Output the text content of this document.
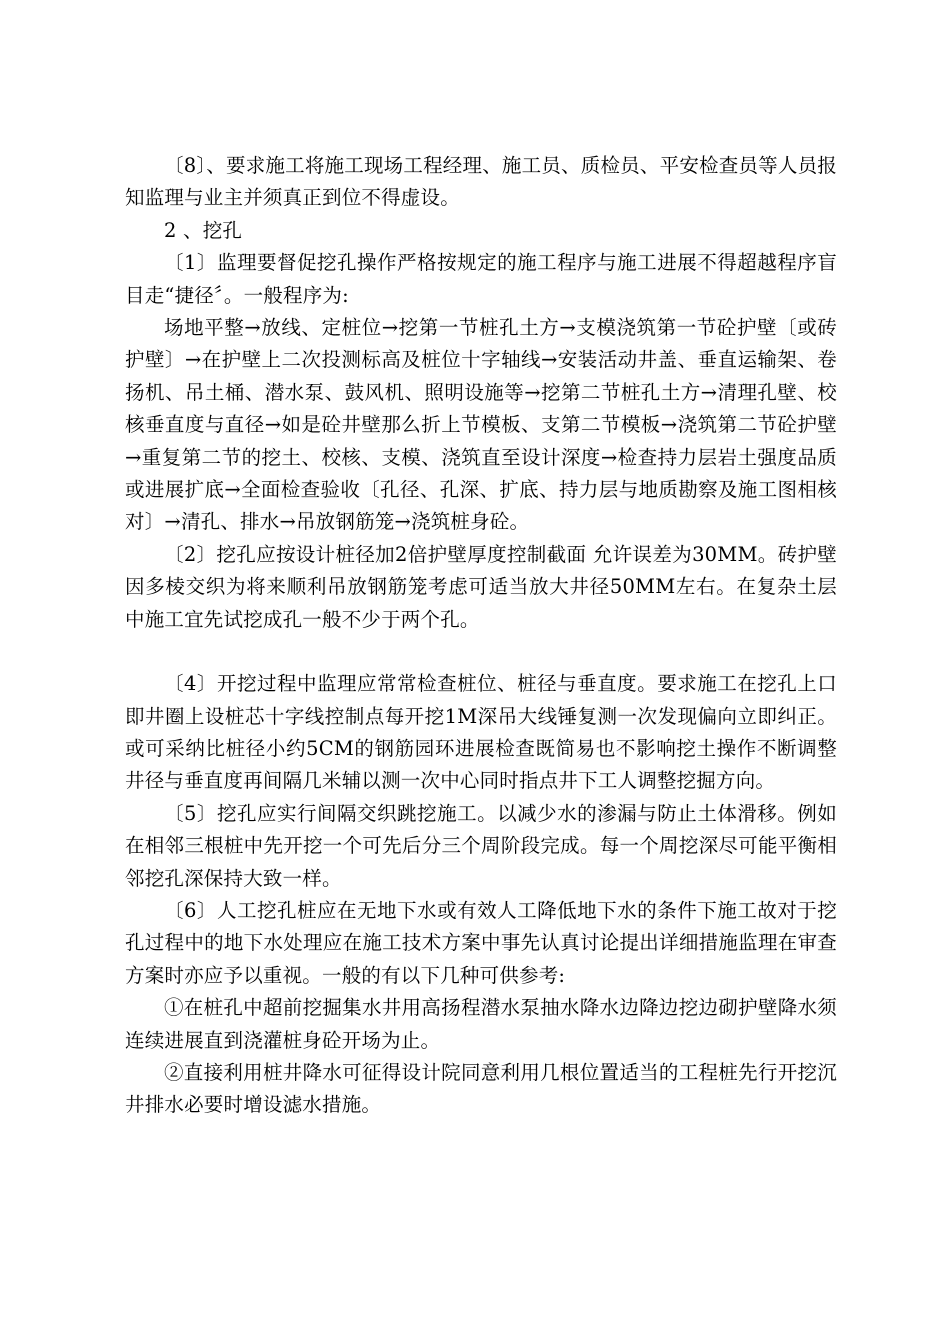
〔8〕、要求施工将施工现场工程经理、施工员、质检员、平安检查员等人员报知监理与业主并须真正到位不得虚设。

2 、挖孔

〔1〕监理要督促挖孔操作严格按规定的施工程序与施工进展不得超越程序盲目走“捷径〞。一般程序为:

场地平整→放线、定桩位→挖第一节桩孔土方→支模浇筑第一节砼护壁〔或砖护壁〕→在护壁上二次投测标高及桩位十字轴线→安装活动井盖、垂直运输架、卷扬机、吊土桶、潜水泵、鼓风机、照明设施等→挖第二节桩孔土方→清理孔壁、校核垂直度与直径→如是砼井壁那么折上节模板、支第二节模板→浇筑第二节砼护壁→重复第二节的挖土、校核、支模、浇筑直至设计深度→检查持力层岩土强度品质或进展扩底→全面检查验收〔孔径、孔深、扩底、持力层与地质勘察及施工图相核对〕→清孔、排水→吊放钢筋笼→浇筑桩身砼。

〔2〕挖孔应按设计桩径加2倍护壁厚度控制截面 允许误差为30MM。砖护壁因多棱交织为将来顺利吊放钢筋笼考虑可适当放大井径50MM左右。在复杂土层中施工宜先试挖成孔一般不少于两个孔。

〔4〕开挖过程中监理应常常检查桩位、桩径与垂直度。要求施工在挖孔上口即井圈上设桩芯十字线控制点每开挖1M深吊大线锤复测一次发现偏向立即纠正。或可采纳比桩径小约5CM的钢筋园环进展检查既简易也不影响挖土操作不断调整井径与垂直度再间隔几米辅以测一次中心同时指点井下工人调整挖掘方向。

〔5〕挖孔应实行间隔交织跳挖施工。以减少水的渗漏与防止土体滑移。例如在相邻三根桩中先开挖一个可先后分三个周阶段完成。每一个周挖深尽可能平衡相邻挖孔深保持大致一样。

〔6〕人工挖孔桩应在无地下水或有效人工降低地下水的条件下施工故对于挖孔过程中的地下水处理应在施工技术方案中事先认真讨论提出详细措施监理在审查方案时亦应予以重视。一般的有以下几种可供参考:

①在桩孔中超前挖掘集水井用高扬程潜水泵抽水降水边降边挖边砌护壁降水须连续进展直到浇灌桩身砼开场为止。

②直接利用桩井降水可征得设计院同意利用几根位置适当的工程桩先行开挖沉井排水必要时增设滤水措施。
